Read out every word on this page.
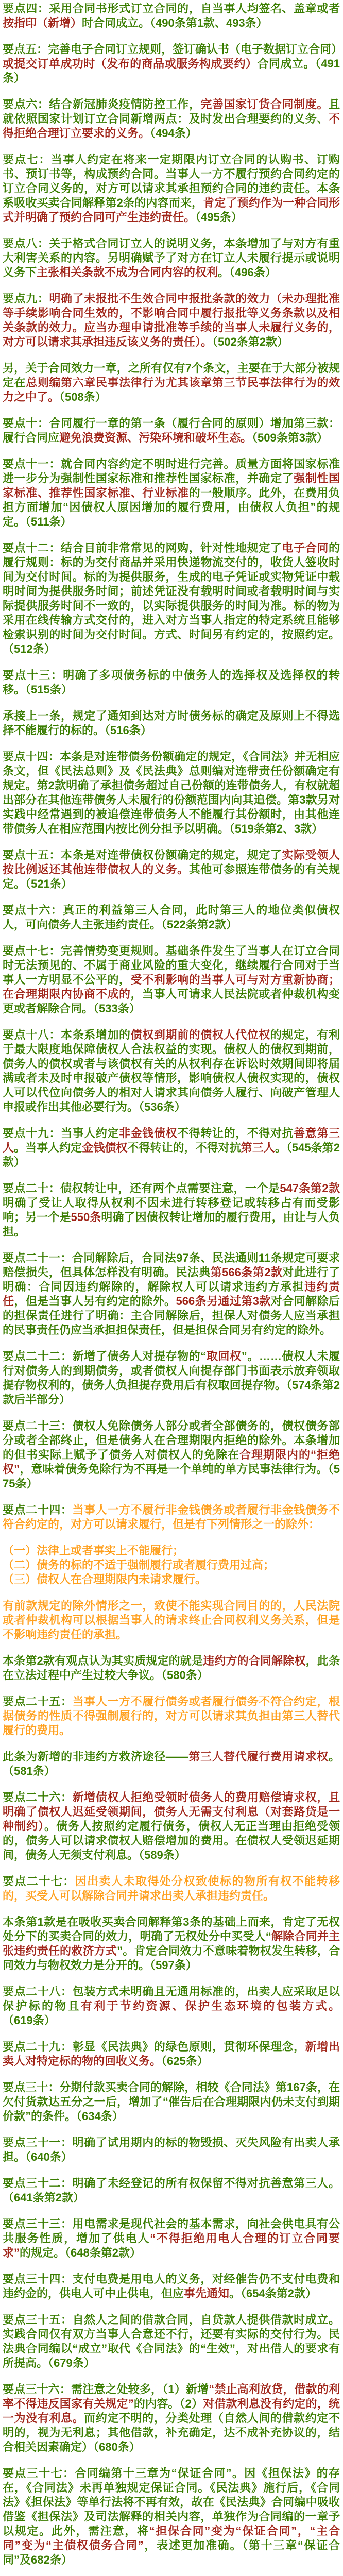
要点四：采用合同书形式订立合同的，自当事人均签名、盖章或者按指印（新增）时合同成立。（490条第1款、493条）

要点五：完善电子合同订立规则，签订确认书（电子数据订立合同）或提交订单成功时（发布的商品或服务构成要约）合同成立。（491条）

要点六：结合新冠肺炎疫情防控工作，完善国家订货合同制度。且就依照国家计划订立合同新增两点：及时发出合理要约的义务、不得拒绝合理订立要求的义务。（494条）

要点七：当事人约定在将来一定期限内订立合同的认购书、订购书、预订书等，构成预约合同。当事人一方不履行预约合同约定的订立合同义务的，对方可以请求其承担预约合同的违约责任。本条系吸收买卖合同解释第2条的内容而来，肯定了预约作为一种合同形式并明确了预约合同可产生违约责任。（495条）

要点八：关于格式合同订立人的说明义务，本条增加了与对方有重大利害关系的内容。另明确赋予了对方在订立人未履行提示或说明义务下主张相关条款不成为合同内容的权利。（496条）

要点九：明确了未报批不生效合同中报批条款的效力（未办理批准等手续影响合同生效的，不影响合同中履行报批等义务条款以及相关条款的效力。应当办理申请批准等手续的当事人未履行义务的，对方可以请求其承担违反该义务的责任）。（502条第2款）

另，关于合同效力一章，之所有仅有7个条文，主要在于大部分被规定在总则编第六章民事法律行为尤其该章第三节民事法律行为的效力之中了。（508条）

要点十：合同履行一章的第一条（履行合同的原则）增加第三款：履行合同应避免浪费资源、污染环境和破坏生态。（509条第3款）

要点十一：就合同内容约定不明时进行完善。质量方面将国家标准进一步分为强制性国家标准和推荐性国家标准，并确定了强制性国家标准、推荐性国家标准、行业标准的一般顺序。此外，在费用负担方面增加“因债权人原因增加的履行费用，由债权人负担”的规定。（511条）

要点十二：结合目前非常常见的网购，针对性地规定了电子合同的履行规则：标的为交付商品并采用快递物流交付的，收货人签收时间为交付时间。标的为提供服务，生成的电子凭证或实物凭证中载明时间为提供服务时间；前述凭证没有载明时间或者载明时间与实际提供服务时间不一致的，以实际提供服务的时间为准。标的物为采用在线传输方式交付的，进入对方当事人指定的特定系统且能够检索识别的时间为交付时间。方式、时间另有约定的，按照约定。（512条）

要点十三：明确了多项债务标的中债务人的选择权及选择权的转移。（515条）

承接上一条，规定了通知到达对方时债务标的确定及原则上不得选择不能履行的标的。（516条）

要点十四：本条是对连带债务份额确定的规定，《合同法》并无相应条文，但《民法总则》及《民法典》总则编对连带责任份额确定有规定。第2款明确了承担债务超过自己份额的连带债务人，有权就超出部分在其他连带债务人未履行的份额范围内向其追偿。第3款另对实践中经常遇到的被追偿连带债务人不能履行其份额时，由其他连带债务人在相应范围内按比例分担予以明确。（519条第2、3款）

要点十五：本条是对连带债权份额确定的规定，规定了实际受领人按比例返还其他连带债权人的义务。其他可参照连带债务的有关规定。（521条）

要点十六：真正的利益第三人合同，此时第三人的地位类似债权人，可向债务人主张违约责任。（522条第2款）

要点十七：完善情势变更规则。基础条件发生了当事人在订立合同时无法预见的、不属于商业风险的重大变化，继续履行合同对于当事人一方明显不公平的，受不利影响的当事人可与对方重新协商；在合理期限内协商不成的，当事人可请求人民法院或者仲裁机构变更或者解除合同。（533条）

要点十八：本条系增加的债权到期前的债权人代位权的规定，有利于最大限度地保障债权人合法权益的实现。债权人的债权到期前，债务人的债权或者与该债权有关的从权利存在诉讼时效期间即将届满或者未及时申报破产债权等情形，影响债权人债权实现的，债权人可以代位向债务人的相对人请求其向债务人履行、向破产管理人申报或作出其他必要行为。（536条）

要点十九：当事人约定非金钱债权不得转让的，不得对抗善意第三人。当事人约定金钱债权不得转让的，不得对抗第三人。（545条第2款）

要点二十：债权转让中，还有两个点需要注意，一个是547条第2款明确了受让人取得从权利不因未进行转移登记或转移占有而受影响；另一个是550条明确了因债权转让增加的履行费用，由让与人负担。

要点二十一：合同解除后，合同法97条、民法通则11条规定可要求赔偿损失，但具体怎样没有明确。民法典第566条第2款对此进行了明确：合同因违约解除的，解除权人可以请求违约方承担违约责任，但是当事人另有约定的除外。566条另通过第3款对合同解除后的担保责任进行了明确：主合同解除后，担保人对债务人应当承担的民事责任仍应当承担担保责任，但是担保合同另有约定的除外。

要点二十二：新增了债务人对提存物的“取回权”。……债权人未履行对债务人的到期债务，或者债权人向提存部门书面表示放弃领取提存物权利的，债务人负担提存费用后有权取回提存物。（574条第2款后半部分）

要点二十三：债权人免除债务人部分或者全部债务的，债权债务部分或者全部终止，但是债务人在合理期限内拒绝的除外。本条增加的但书实际上赋予了债务人对债权人的免除在合理期限内的“拒绝权”，意味着债务免除行为不再是一个单纯的单方民事法律行为。（575条）

要点二十四：当事人一方不履行非金钱债务或者履行非金钱债务不符合约定的，对方可以请求履行，但是有下列情形之一的除外：

（一）法律上或者事实上不能履行；

（二）债务的标的不适于强制履行或者履行费用过高；

（三）债权人在合理期限内未请求履行。

有前款规定的除外情形之一，致使不能实现合同目的的，人民法院或者仲裁机构可以根据当事人的请求终止合同权利义务关系，但是不影响违约责任的承担。

本条第2款有观点认为其实质规定的就是违约方的合同解除权，此条在立法过程中产生过较大争议。（580条）

要点二十五：当事人一方不履行债务或者履行债务不符合约定，根据债务的性质不得强制履行的，对方可以请求其负担由第三人替代履行的费用。

此条为新增的非违约方救济途径——第三人替代履行费用请求权。（581条）

要点二十六：新增债权人拒绝受领时债务人的费用赔偿请求权，且明确了债权人迟延受领期间，债务人无需支付利息（对套路贷是一种制约）。债务人按照约定履行债务，债权人无正当理由拒绝受领的，债务人可以请求债权人赔偿增加的费用。在债权人受领迟延期间，债务人无须支付利息。（589条）

要点二十七：因出卖人未取得处分权致使标的物所有权不能转移的，买受人可以解除合同并请求出卖人承担违约责任。

本条第1款是在吸收买卖合同解释第3条的基础上而来，肯定了无权处分下的买卖合同的效力，明确了无权处分中买受人“解除合同并主张违约责任的救济方式”。肯定合同效力不意味着物权发生转移，合同效力与物权效力是分开的。（597条）

要点二十八：包装方式未明确且无通用标准的，出卖人应采取足以保护标的物且有利于节约资源、保护生态环境的包装方式。（619条）

要点二十九：彰显《民法典》的绿色原则，贯彻环保理念，新增出卖人对特定标的物的回收义务。（625条）

要点三十：分期付款买卖合同的解除，相较《合同法》第167条，在欠付货款达五分之一后，增加了“催告后在合理期限内仍未支付到期价款”的条件。（634条）

要点三十一：明确了试用期内的标的物毁损、灭失风险有出卖人承担。（640条）

要点三十二：明确了未经登记的所有权保留不得对抗善意第三人。（641条第2款）

要点三十三：用电需求是现代社会的基本需求，向社会供电具有公共服务性质，增加了供电人“不得拒绝用电人合理的订立合同要求”的规定。（648条第2款）

要点三十四：支付电费是用电人的义务，对经催告仍不支付电费和违约金的，供电人可中止供电，但应事先通知。（654条第2款）

要点三十五：自然人之间的借款合同，自贷款人提供借款时成立。实践合同仅有双方当事人合意还不行，还要有实际的交付行为。民法典合同编以“成立”取代《合同法》的“生效”，对出借人的要求有所提高。（679条）

要点三十六：需注意之处较多，（1）新增“禁止高利放贷，借款的利率不得违反国家有关规定”的内容。（2）对借款利息没有约定的，统一为没有利息。而约定不明的，分类处理（自然人间的借款约定不明的，视为无利息；其他借款，补充确定，达不成补充协议的，结合相关因素确定）（680条）

要点三十七：合同编第十三章为“保证合同”。因《担保法》的存在，《合同法》未再单独规定保证合同。《民法典》施行后，《合同法》《担保法》等单行法将不再有效，故在《民法典》合同编中吸收借鉴《担保法》及司法解释的相关内容，单独作为合同编的一章予以规定。此外，需注意，将“担保合同”变为“保证合同”，“主合同”变为“主债权债务合同”，表述更加准确。（第十三章“保证合同”及682条）
